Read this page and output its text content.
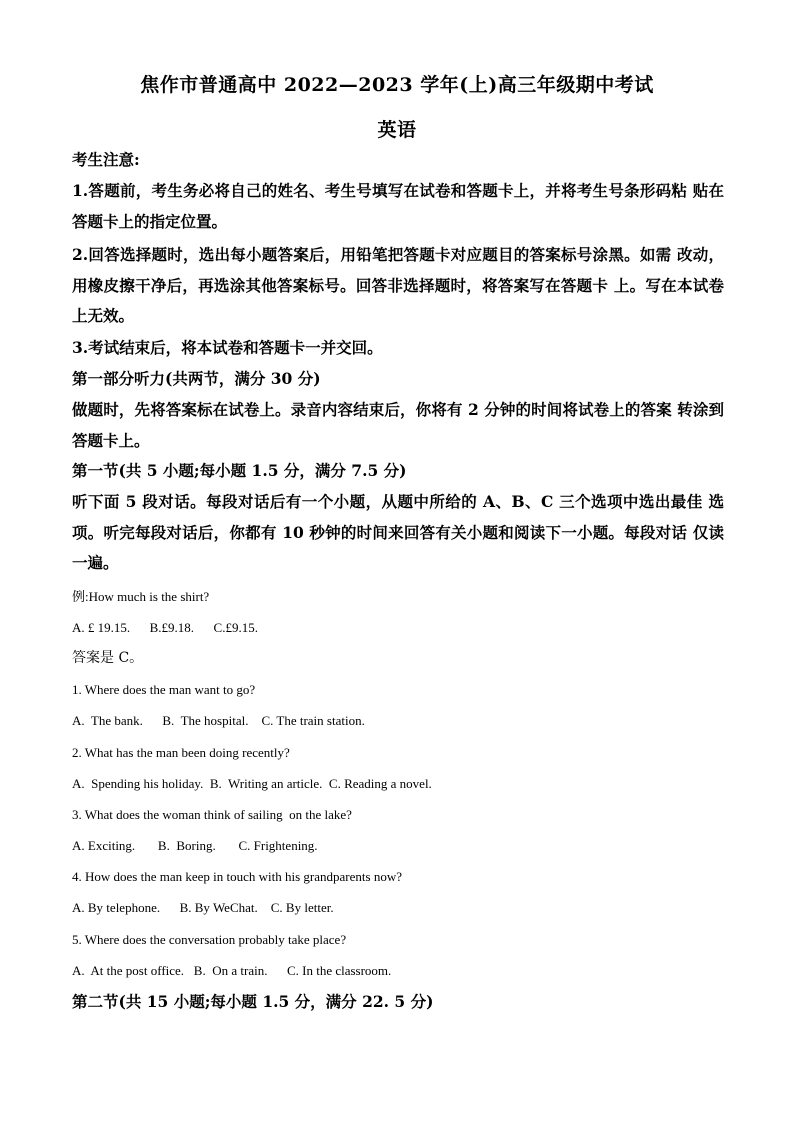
焦作市普通高中 2022—2023 学年(上)高三年级期中考试
英语
考生注意:
1.答题前，考生务必将自己的姓名、考生号填写在试卷和答题卡上，并将考生号条形码粘 贴在答题卡上的指定位置。
2.回答选择题时，选出每小题答案后，用铅笔把答题卡对应题目的答案标号涂黑。如需 改动，用橡皮擦干净后，再选涂其他答案标号。回答非选择题时，将答案写在答题卡 上。写在本试卷上无效。
3.考试结束后，将本试卷和答题卡一并交回。
第一部分听力(共两节，满分 30 分)
做题时，先将答案标在试卷上。录音内容结束后，你将有 2 分钟的时间将试卷上的答案 转涂到答题卡上。
第一节(共 5 小题;每小题 1.5 分，满分 7.5 分)
听下面 5 段对话。每段对话后有一个小题，从题中所给的 A、B、C 三个选项中选出最佳 选项。听完每段对话后，你都有 10 秒钟的时间来回答有关小题和阅读下一小题。每段对话 仅读一遍。
例:How much is the shirt?
A. £ 19.15.      B.£9.18.      C.£9.15.
答案是 C。
1. Where does the man want to go?
A.  The bank.      B.  The hospital.    C. The train station.
2. What has the man been doing recently?
A.  Spending his holiday.  B.  Writing an article.  C. Reading a novel.
3. What does the woman think of sailing  on the lake?
A. Exciting.       B.  Boring.       C. Frightening.
4. How does the man keep in touch with his grandparents now?
A. By telephone.      B. By WeChat.    C. By letter.
5. Where does the conversation probably take place?
A.  At the post office.   B.  On a train.      C. In the classroom.
第二节(共 15 小题;每小题 1.5 分，满分 22. 5 分)
